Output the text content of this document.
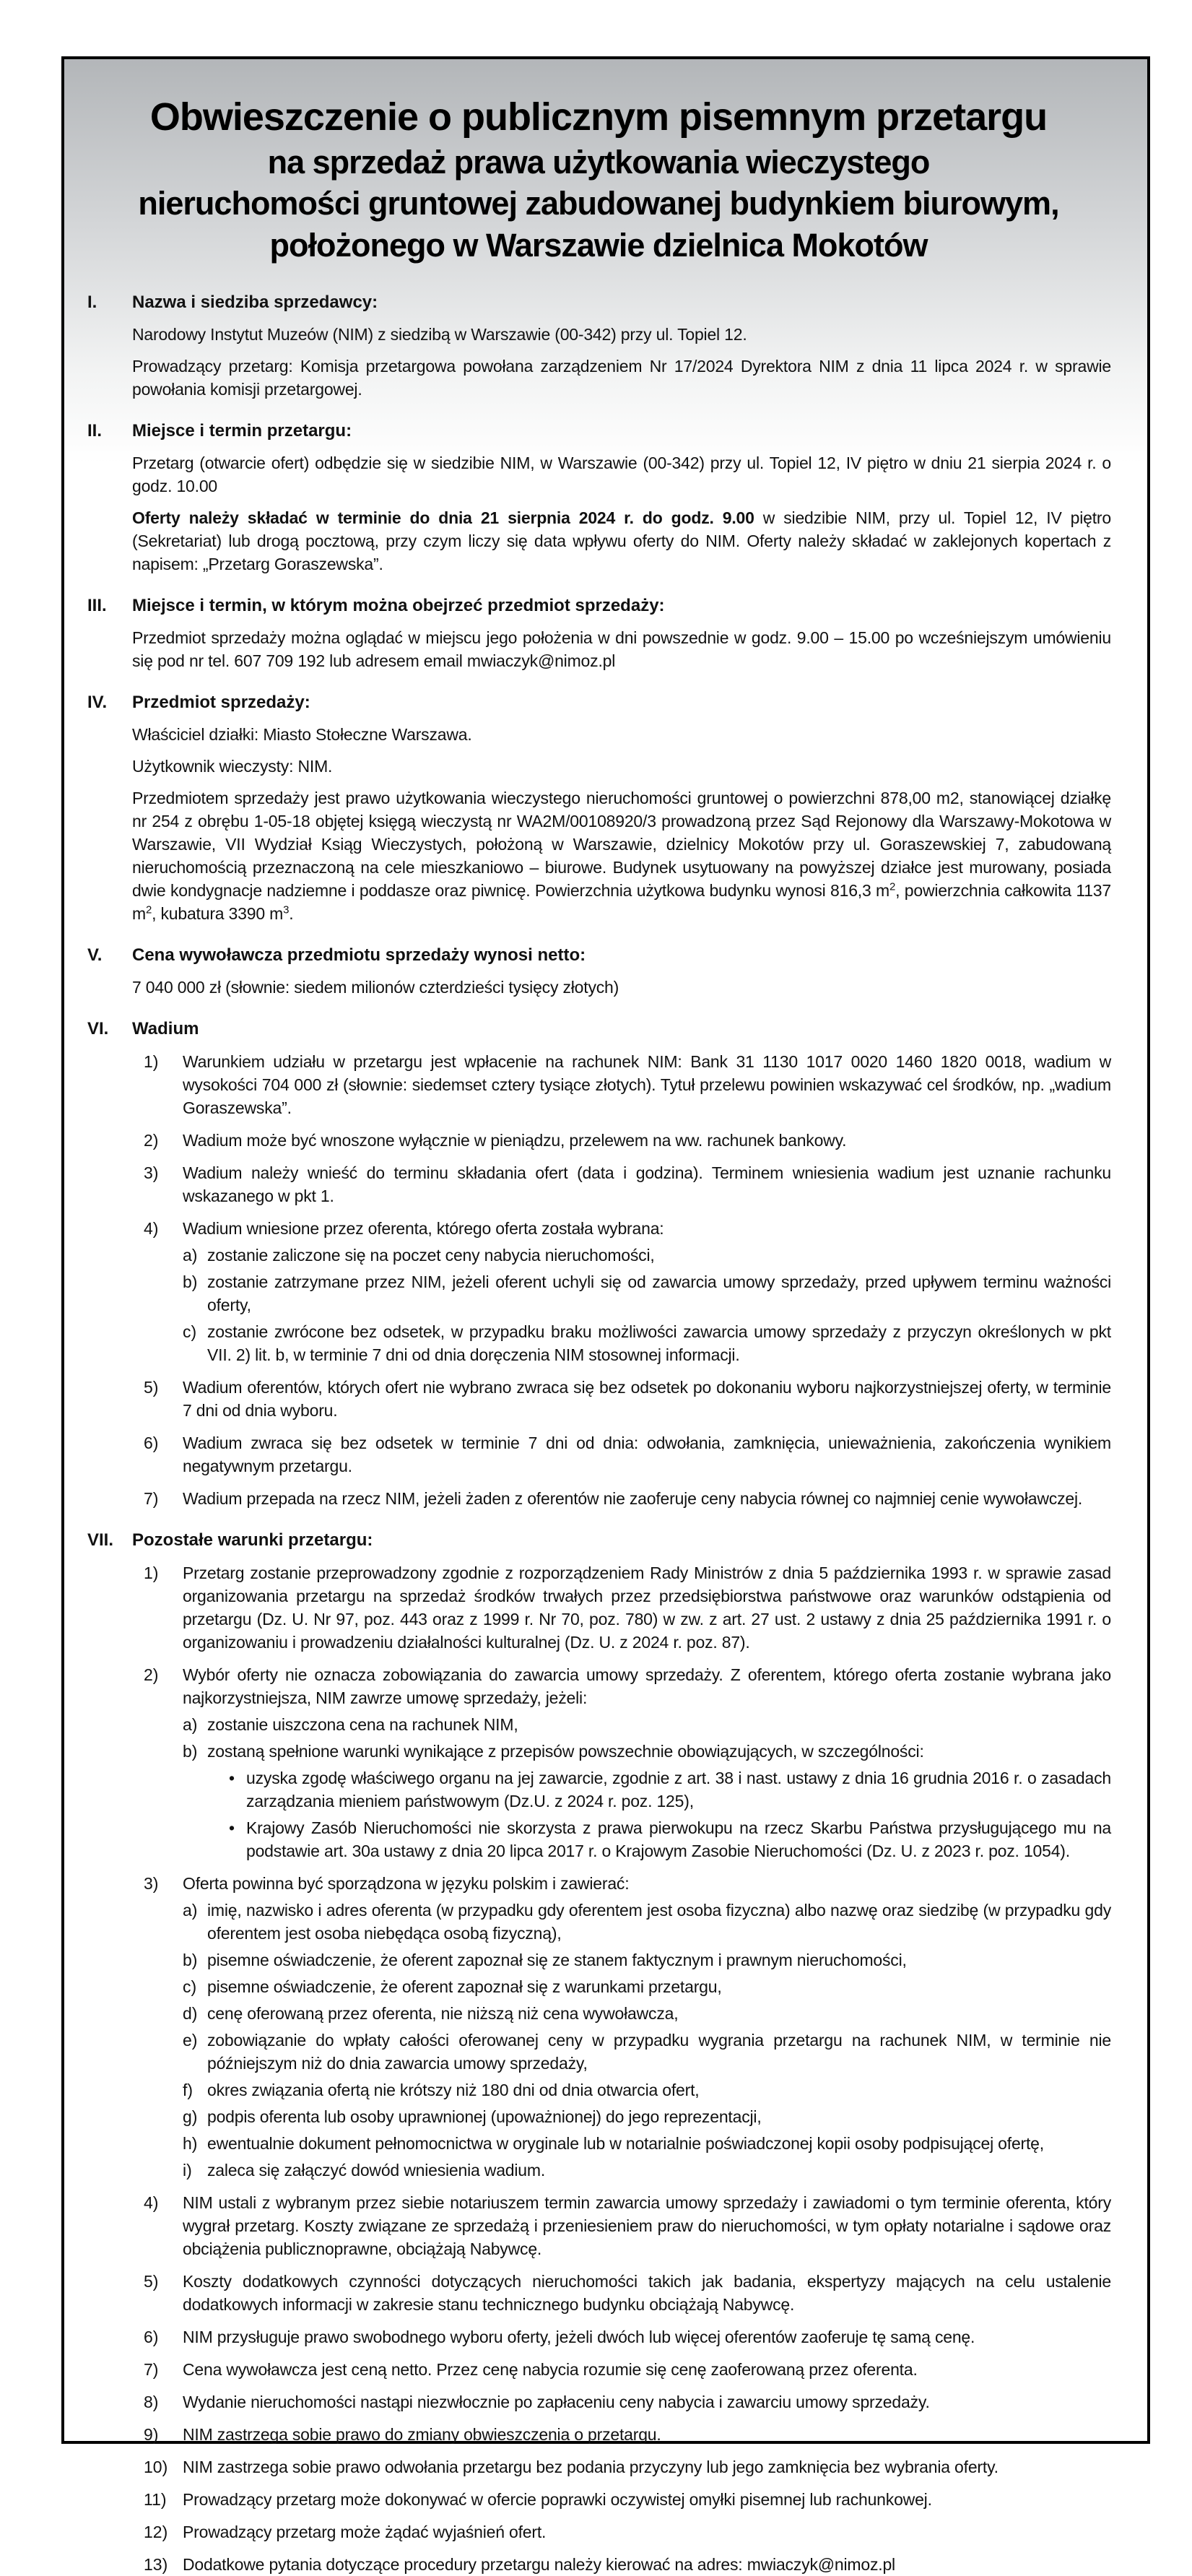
Obwieszczenie o publicznym pisemnym przetargu
na sprzedaż prawa użytkowania wieczystego
nieruchomości gruntowej zabudowanej budynkiem biurowym,
położonego w Warszawie dzielnica Mokotów
I.	Nazwa i siedziba sprzedawcy:

Narodowy Instytut Muzeów (NIM) z siedzibą w Warszawie (00-342) przy ul. Topiel 12.

Prowadzący przetarg: Komisja przetargowa powołana zarządzeniem Nr 17/2024 Dyrektora NIM z dnia 11 lipca 2024 r. w sprawie powołania komisji przetargowej.

II.	Miejsce i termin przetargu:

Przetarg (otwarcie ofert) odbędzie się w siedzibie NIM, w Warszawie (00-342) przy ul. Topiel 12, IV piętro w dniu 21 sierpia 2024 r. o godz. 10.00

Oferty należy składać w terminie do dnia 21 sierpnia 2024 r. do godz. 9.00 w siedzibie NIM, przy ul. Topiel 12, IV piętro (Sekretariat) lub drogą pocztową, przy czym liczy się data wpływu oferty do NIM. Oferty należy składać w zaklejonych kopertach z napisem: „Przetarg Goraszewska”.

III.	Miejsce i termin, w którym można obejrzeć przedmiot sprzedaży:

Przedmiot sprzedaży można oglądać w miejscu jego położenia w dni powszednie w godz. 9.00 – 15.00 po wcześniejszym umówieniu się pod nr tel. 607 709 192 lub adresem email mwiaczyk@nimoz.pl

IV.	Przedmiot sprzedaży:

Właściciel działki: Miasto Stołeczne Warszawa.

Użytkownik wieczysty: NIM.

Przedmiotem sprzedaży jest prawo użytkowania wieczystego nieruchomości gruntowej o powierzchni 878,00 m2, stanowiącej działkę nr 254 z obrębu 1-05-18 objętej księgą wieczystą nr WA2M/00108920/3 prowadzoną przez Sąd Rejonowy dla Warszawy-Mokotowa w Warszawie, VII Wydział Ksiąg Wieczystych, położoną w Warszawie, dzielnicy Mokotów przy ul. Goraszewskiej 7, zabudowaną nieruchomością przeznaczoną na cele mieszkaniowo – biurowe. Budynek usytuowany na powyższej działce jest murowany, posiada dwie kondygnacje nadziemne i poddasze oraz piwnicę. Powierzchnia użytkowa budynku wynosi 816,3 $m^2$, powierzchnia całkowita 1137 $m^2$, kubatura 3390 $m^3$.

V.	Cena wywoławcza przedmiotu sprzedaży wynosi netto:

7 040 000 zł (słownie: siedem milionów czterdzieści tysięcy złotych)

VI.	Wadium
1)	Warunkiem udziału w przetargu jest wpłacenie na rachunek NIM: Bank 31 1130 1017 0020 1460 1820 0018, wadium w wysokości 704 000 zł (słownie: siedemset cztery tysiące złotych). Tytuł przelewu powinien wskazywać cel środków, np. „wadium Goraszewska”.

2)	Wadium może być wnoszone wyłącznie w pieniądzu, przelewem na ww. rachunek bankowy.

3)	Wadium należy wnieść do terminu składania ofert (data i godzina). Terminem wniesienia wadium jest uznanie rachunku wskazanego w pkt 1.

4)	Wadium wniesione przez oferenta, którego oferta została wybrana:

a) zostanie zaliczone się na poczet ceny nabycia nieruchomości,

b) zostanie zatrzymane przez NIM, jeżeli oferent uchyli się od zawarcia umowy sprzedaży, przed upływem terminu ważności oferty,

c) zostanie zwrócone bez odsetek, w przypadku braku możliwości zawarcia umowy sprzedaży z przyczyn określonych w pkt VII. 2) lit. b, w terminie 7 dni od dnia doręczenia NIM stosownej informacji.

5)	Wadium oferentów, których ofert nie wybrano zwraca się bez odsetek po dokonaniu wyboru najkorzystniejszej oferty, w terminie 7 dni od dnia wyboru.

6)	Wadium zwraca się bez odsetek w terminie 7 dni od dnia: odwołania, zamknięcia, unieważnienia, zakończenia wynikiem negatywnym przetargu.

7)	Wadium przepada na rzecz NIM, jeżeli żaden z oferentów nie zaoferuje ceny nabycia równej co najmniej cenie wywoławczej.

VII.	Pozostałe warunki przetargu:
1)	Przetarg zostanie przeprowadzony zgodnie z rozporządzeniem Rady Ministrów z dnia 5 października 1993 r. w sprawie zasad organizowania przetargu na sprzedaż środków trwałych przez przedsiębiorstwa państwowe oraz warunków odstąpienia od przetargu (Dz. U. Nr 97, poz. 443 oraz z 1999 r. Nr 70, poz. 780) w zw. z art. 27 ust. 2 ustawy z dnia 25 października 1991 r. o organizowaniu i prowadzeniu działalności kulturalnej (Dz. U. z 2024 r. poz. 87).

2)	Wybór oferty nie oznacza zobowiązania do zawarcia umowy sprzedaży. Z oferentem, którego oferta zostanie wybrana jako najkorzystniejsza, NIM zawrze umowę sprzedaży, jeżeli:

a) zostanie uiszczona cena na rachunek NIM,

b) zostaną spełnione warunki wynikające z przepisów powszechnie obowiązujących, w szczególności:

• uzyska zgodę właściwego organu na jej zawarcie, zgodnie z art. 38 i nast. ustawy z dnia 16 grudnia 2016 r. o zasadach zarządzania mieniem państwowym (Dz.U. z 2024 r. poz. 125),

• Krajowy Zasób Nieruchomości nie skorzysta z prawa pierwokupu na rzecz Skarbu Państwa przysługującego mu na podstawie art. 30a ustawy z dnia 20 lipca 2017 r. o Krajowym Zasobie Nieruchomości (Dz. U. z 2023 r. poz. 1054).

3)	Oferta powinna być sporządzona w języku polskim i zawierać:

a) imię, nazwisko i adres oferenta (w przypadku gdy oferentem jest osoba fizyczna) albo nazwę oraz siedzibę (w przypadku gdy oferentem jest osoba niebędąca osobą fizyczną),

b) pisemne oświadczenie, że oferent zapoznał się ze stanem faktycznym i prawnym nieruchomości,

c) pisemne oświadczenie, że oferent zapoznał się z warunkami przetargu,

d) cenę oferowaną przez oferenta, nie niższą niż cena wywoławcza,

e) zobowiązanie do wpłaty całości oferowanej ceny w przypadku wygrania przetargu na rachunek NIM, w terminie nie późniejszym niż do dnia zawarcia umowy sprzedaży,

f) okres związania ofertą nie krótszy niż 180 dni od dnia otwarcia ofert,

g) podpis oferenta lub osoby uprawnionej (upoważnionej) do jego reprezentacji,

h) ewentualnie dokument pełnomocnictwa w oryginale lub w notarialnie poświadczonej kopii osoby podpisującej ofertę,

i) zaleca się załączyć dowód wniesienia wadium.

4)	NIM ustali z wybranym przez siebie notariuszem termin zawarcia umowy sprzedaży i zawiadomi o tym terminie oferenta, który wygrał przetarg. Koszty związane ze sprzedażą i przeniesieniem praw do nieruchomości, w tym opłaty notarialne i sądowe oraz obciążenia publicznoprawne, obciążają Nabywcę.

5)	Koszty dodatkowych czynności dotyczących nieruchomości takich jak badania, ekspertyzy mających na celu ustalenie dodatkowych informacji w zakresie stanu technicznego budynku obciążają Nabywcę.

6)	NIM przysługuje prawo swobodnego wyboru oferty, jeżeli dwóch lub więcej oferentów zaoferuje tę samą cenę.

7)	Cena wywoławcza jest ceną netto. Przez cenę nabycia rozumie się cenę zaoferowaną przez oferenta.

8)	Wydanie nieruchomości nastąpi niezwłocznie po zapłaceniu ceny nabycia i zawarciu umowy sprzedaży.

9)	NIM zastrzega sobie prawo do zmiany obwieszczenia o przetargu.

10) NIM zastrzega sobie prawo odwołania przetargu bez podania przyczyny lub jego zamknięcia bez wybrania oferty.

11) Prowadzący przetarg może dokonywać w ofercie poprawki oczywistej omyłki pisemnej lub rachunkowej.

12) Prowadzący przetarg może żądać wyjaśnień ofert.

13) Dodatkowe pytania dotyczące procedury przetargu należy kierować na adres: mwiaczyk@nimoz.pl
